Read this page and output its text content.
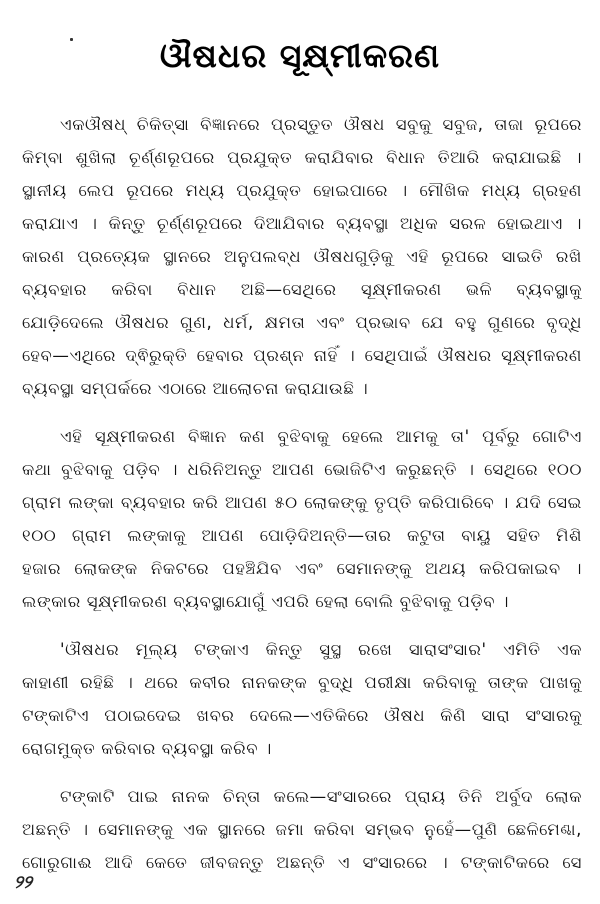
ଔଷଧର ସୂକ୍ଷ୍ମୀକରଣ
ଏକଔଷଧ୍ ଚିକିତ୍ସା ବିଜ୍ଞାନରେ ପ୍ରସ୍ତୁତ ଔଷଧ ସବୁକୁ ସବୁଜ, ତାଜା ରୂପରେ
କିମ୍ବା ଶୁଖିଲା ଚୂର୍ଣ୍ଣରୂପରେ ପ୍ରଯୁକ୍ତ କରାଯିବାର ବିଧାନ ତିଆରି କରାଯାଇଛି ।
ସ୍ଥାନୀୟ ଲେପ ରୂପରେ ମଧ୍ୟ ପ୍ରଯୁକ୍ତ ହୋଇପାରେ । ମୌଖିକ ମଧ୍ୟ ଗ୍ରହଣ
କରାଯାଏ । କିନ୍ତୁ ଚୂର୍ଣ୍ଣରୂପରେ ଦିଆଯିବାର ବ୍ୟବସ୍ଥା ଅଧିକ ସରଳ ହୋଇଥାଏ ।
କାରଣ ପ୍ରତ୍ୟେକ ସ୍ଥାନରେ ଅନୁପଲବ୍ଧ ଔଷଧଗୁଡ଼ିକୁ ଏହି ରୂପରେ ସାଇତି ରଖି
ବ୍ୟବହାର କରିବା ବିଧାନ ଅଛି—ସେଥିରେ ସୂକ୍ଷ୍ମୀକରଣ ଭଳି ବ୍ୟବସ୍ଥାକୁ
ଯୋଡ଼ିଦେଲେ ଔଷଧର ଗୁଣ, ଧର୍ମ, କ୍ଷମତା ଏବଂ ପ୍ରଭାବ ଯେ ବହୁ ଗୁଣରେ ବୃଦ୍ଧି
ହେବ—ଏଥିରେ ଦ୍ଵିରୁକ୍ତି ହେବାର ପ୍ରଶ୍ନ ନାହିଁ । ସେଥିପାଇଁ ଔଷଧର ସୂକ୍ଷ୍ମୀକରଣ
ବ୍ୟବସ୍ଥା ସମ୍ପର୍କରେ ଏଠାରେ ଆଲୋଚନା କରାଯାଉଛି ।
ଏହି ସୂକ୍ଷ୍ମୀକରଣ ବିଜ୍ଞାନ କଣ ବୁଝିବାକୁ ହେଲେ ଆମକୁ ତା' ପୂର୍ବରୁ ଗୋଟିଏ
କଥା ବୁଝିବାକୁ ପଡ଼ିବ । ଧରିନିଅନ୍ତୁ ଆପଣ ଭୋଜିଟିଏ କରୁଛନ୍ତି । ସେଥିରେ ୧୦୦
ଗ୍ରାମ ଲଙ୍କା ବ୍ୟବହାର କରି ଆପଣ ୫୦ ଲୋକଙ୍କୁ ତୃପ୍ତି କରିପାରିବେ । ଯଦି ସେଇ
୧୦୦ ଗ୍ରାମ ଲଙ୍କାକୁ ଆପଣ ପୋଡ଼ିଦିଅନ୍ତି—ତାର କଟୁତା ବାୟୁ ସହିତ ମିଶି
ହଜାର ଲୋକଙ୍କ ନିକଟରେ ପହଞ୍ଚିଯିବ ଏବଂ ସେମାନଙ୍କୁ ଅଥୟ କରିପକାଇବ ।
ଲଙ୍କାର ସୂକ୍ଷ୍ମୀକରଣ ବ୍ୟବସ୍ଥାଯୋଗୁଁ ଏପରି ହେଲା ବୋଲି ବୁଝିବାକୁ ପଡ଼ିବ ।
'ଔଷଧର ମୂଲ୍ୟ ଟଙ୍କାଏ କିନ୍ତୁ ସୁସ୍ଥ ରଖେ ସାରାସଂସାର' ଏମିତି ଏକ
କାହାଣୀ ରହିଛି । ଥରେ କବୀର ନାନକଙ୍କ ବୁଦ୍ଧି ପରୀକ୍ଷା କରିବାକୁ ତାଙ୍କ ପାଖକୁ
ଟଙ୍କାଟିଏ ପଠାଇଦେଇ ଖବର ଦେଲେ—ଏତିକିରେ ଔଷଧ କିଣି ସାରା ସଂସାରକୁ
ରୋଗମୁକ୍ତ କରିବାର ବ୍ୟବସ୍ଥା କରିବ ।
ଟଙ୍କାଟି ପାଇ ନାନକ ଚିନ୍ତା କଲେ—ସଂସାରରେ ପ୍ରାୟ ତିନି ଅର୍ବୁଦ ଲୋକ
ଅଛନ୍ତି । ସେମାନଙ୍କୁ ଏକ ସ୍ଥାନରେ ଜମା କରିବା ସମ୍ଭବ ନୁହେଁ—ପୁଣି ଛେଳିମେଣ୍ଢା,
ଗୋରୁଗାଈ ଆଦି କେତେ ଜୀବଜନ୍ତୁ ଅଛନ୍ତି ଏ ସଂସାରରେ । ଟଙ୍କାଟିକରେ ସେ
୨୨
